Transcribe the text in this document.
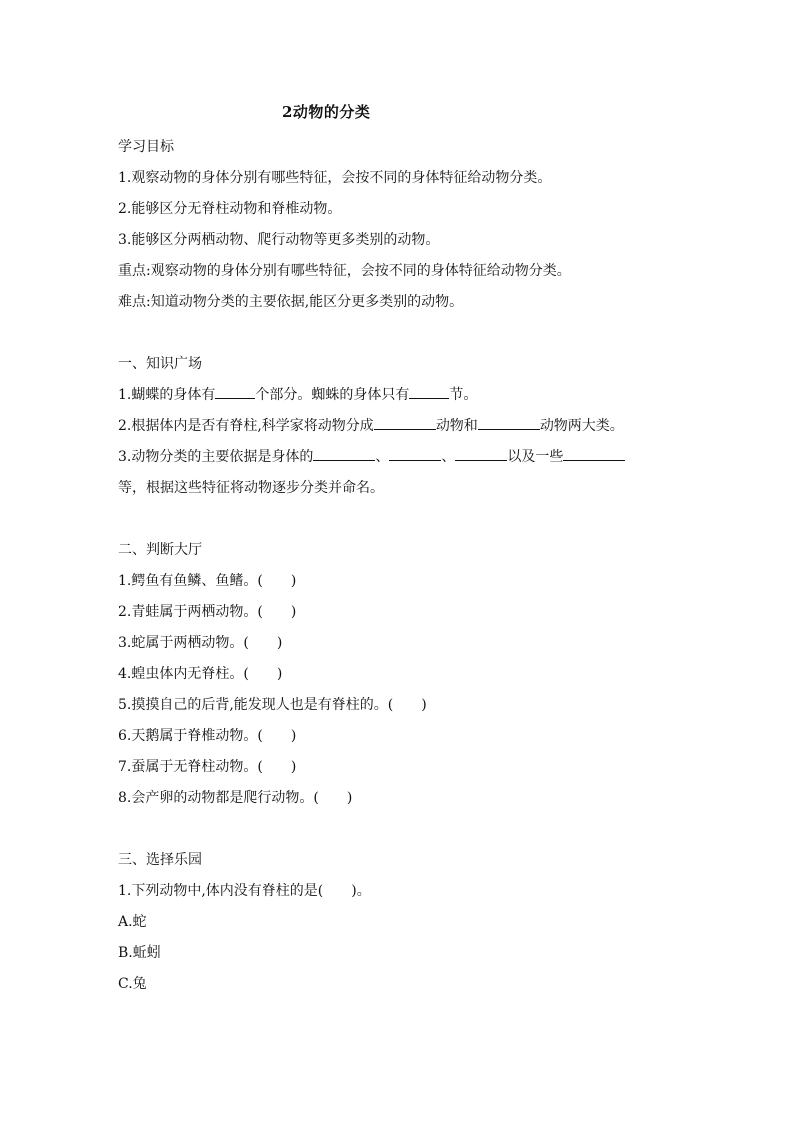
2动物的分类
学习目标
1.观察动物的身体分别有哪些特征，会按不同的身体特征给动物分类。
2.能够区分无脊柱动物和脊椎动物。
3.能够区分两栖动物、爬行动物等更多类别的动物。
重点:观察动物的身体分别有哪些特征，会按不同的身体特征给动物分类。
难点:知道动物分类的主要依据,能区分更多类别的动物。
一、知识广场
1.蝴蝶的身体有	个部分。蜘蛛的身体只有	节。
2.根据体内是否有脊柱,科学家将动物分成	动物和	动物两大类。
3.动物分类的主要依据是身体的	、	、	以及一些
等，根据这些特征将动物逐步分类并命名。
二、判断大厅
1.鳄鱼有鱼鳞、鱼鳍。(　　)
2.青蛙属于两栖动物。(　　)
3.蛇属于两栖动物。(　　)
4.蝗虫体内无脊柱。(　　)
5.摸摸自己的后背,能发现人也是有脊柱的。(　　)
6.天鹅属于脊椎动物。(　　)
7.蚕属于无脊柱动物。(　　)
8.会产卵的动物都是爬行动物。(　　)
三、选择乐园
1.下列动物中,体内没有脊柱的是(　　)。
A.蛇
B.蚯蚓
C.兔
